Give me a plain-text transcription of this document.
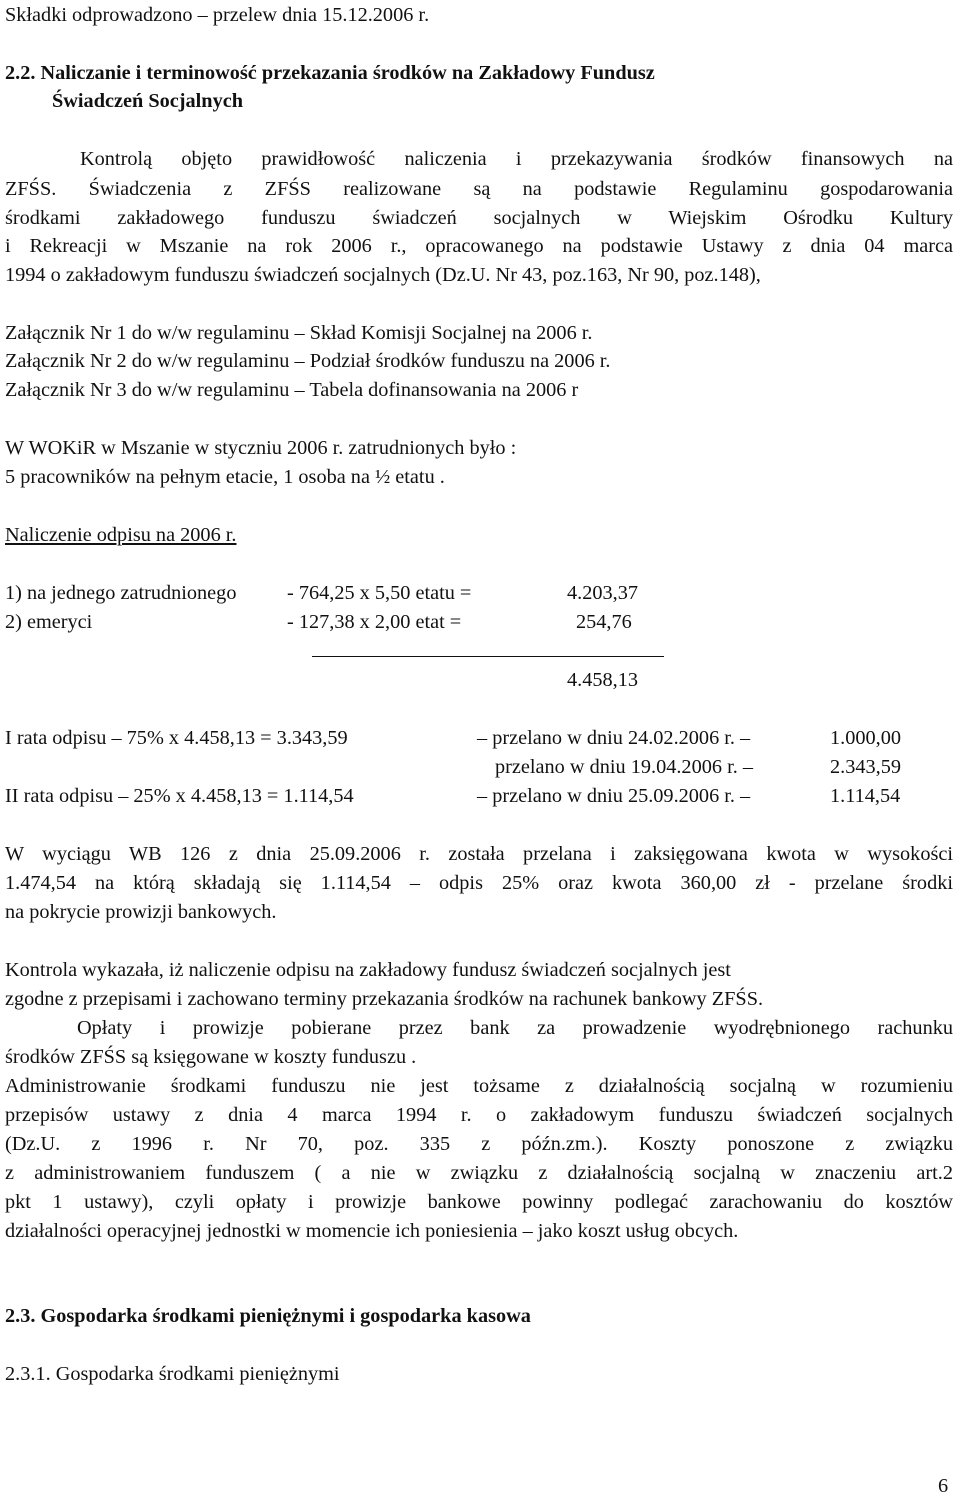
Składki odprowadzono – przelew dnia 15.12.2006 r.
2.2. Naliczanie i terminowość przekazania środków na Zakładowy Fundusz
Świadczeń Socjalnych
Kontrolą objęto prawidłowość naliczenia i przekazywania środków finansowych na
ZFŚS. Świadczenia z ZFŚS realizowane są na podstawie Regulaminu gospodarowania
środkami zakładowego funduszu świadczeń socjalnych w Wiejskim Ośrodku Kultury
i Rekreacji w Mszanie na rok 2006 r., opracowanego na podstawie Ustawy z dnia 04 marca
1994 o zakładowym funduszu świadczeń socjalnych (Dz.U. Nr 43, poz.163, Nr 90, poz.148),
Załącznik Nr 1 do w/w regulaminu – Skład Komisji Socjalnej na 2006 r.
Załącznik Nr 2 do w/w regulaminu – Podział środków funduszu na 2006 r.
Załącznik Nr 3 do w/w regulaminu – Tabela dofinansowania na 2006 r
W WOKiR w Mszanie w styczniu 2006 r. zatrudnionych było :
5 pracowników na pełnym etacie, 1 osoba na ½ etatu .
Naliczenie odpisu na 2006 r.
1) na jednego zatrudnionego - 764,25 x 5,50 etatu =	4.203,37
2) emeryci	- 127,38 x 2,00 etat =	254,76
4.458,13
I rata odpisu – 75% x 4.458,13 = 3.343,59	– przelano w dniu 24.02.2006 r. –	1.000,00
przelano w dniu 19.04.2006 r. –	2.343,59
II rata odpisu – 25% x 4.458,13 = 1.114,54	– przelano w dniu 25.09.2006 r. –	1.114,54
W wyciągu WB 126 z dnia 25.09.2006 r. została przelana i zaksięgowana kwota w wysokości
1.474,54 na którą składają się 1.114,54 – odpis 25% oraz kwota 360,00 zł - przelane środki
na pokrycie prowizji bankowych.
Kontrola wykazała, iż naliczenie odpisu na zakładowy fundusz świadczeń socjalnych jest
zgodne z przepisami i zachowano terminy przekazania środków na rachunek bankowy ZFŚS.
Opłaty i prowizje pobierane przez bank za prowadzenie wyodrębnionego rachunku
środków ZFŚS są księgowane w koszty funduszu .
Administrowanie środkami funduszu nie jest tożsame z działalnością socjalną w rozumieniu
przepisów ustawy z dnia 4 marca 1994 r. o zakładowym funduszu świadczeń socjalnych
(Dz.U. z 1996 r. Nr 70, poz. 335 z późn.zm.). Koszty ponoszone z związku
z administrowaniem funduszem ( a nie w związku z działalnością socjalną w znaczeniu art.2
pkt 1 ustawy), czyli opłaty i prowizje bankowe powinny podlegać zarachowaniu do kosztów
działalności operacyjnej jednostki w momencie ich poniesienia – jako koszt usług obcych.
2.3. Gospodarka środkami pieniężnymi i gospodarka kasowa
2.3.1. Gospodarka środkami pieniężnymi
6
